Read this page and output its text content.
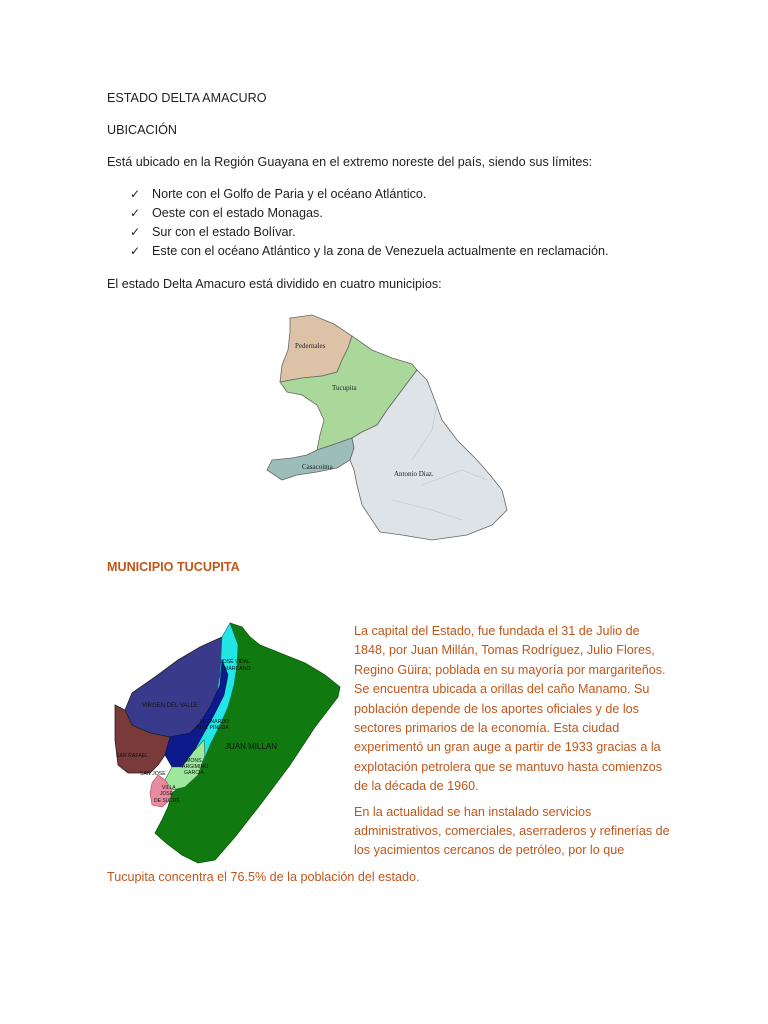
ESTADO DELTA AMACURO

UBICACIÓN

Está ubicado en la Región Guayana en el extremo noreste del país, siendo sus límites:

✓ Norte con el Golfo de Paria y el océano Atlántico.
✓ Oeste con el estado Monagas.
✓ Sur con el estado Bolívar.
✓ Este con el océano Atlántico y la zona de Venezuela actualmente en reclamación.

El estado Delta Amacuro está dividido en cuatro municipios:

Pedernales
Tucupita
Casacoima
Antonio Diaz.

MUNICIPIO TUCUPITA

JOSÉ VIDAL
MARCANO
VIRGEN DEL VALLE
LEONARDO
RUIZ PINEDA
JUAN MILLAN
SAN RAFAEL
MONS.
ARGIMIRO
GARCIA
SAN JOSE
VILLA
JOSE
DE SUCRE

La capital del Estado, fue fundada el 31 de Julio de 1848, por Juan Millán, Tomas Rodríguez, Julio Flores, Regino Güira; poblada en su mayoría por margariteños. Se encuentra ubicada a orillas del caño Manamo. Su población depende de los aportes oficiales y de los sectores primarios de la economía. Esta ciudad experimentó un gran auge a partir de 1933 gracias a la explotación petrolera que se mantuvo hasta comienzos de la década de 1960.

En la actualidad se han instalado servicios administrativos, comerciales, aserraderos y refinerías de los yacimientos cercanos de petróleo, por lo que

Tucupita concentra el 76.5% de la población del estado.
